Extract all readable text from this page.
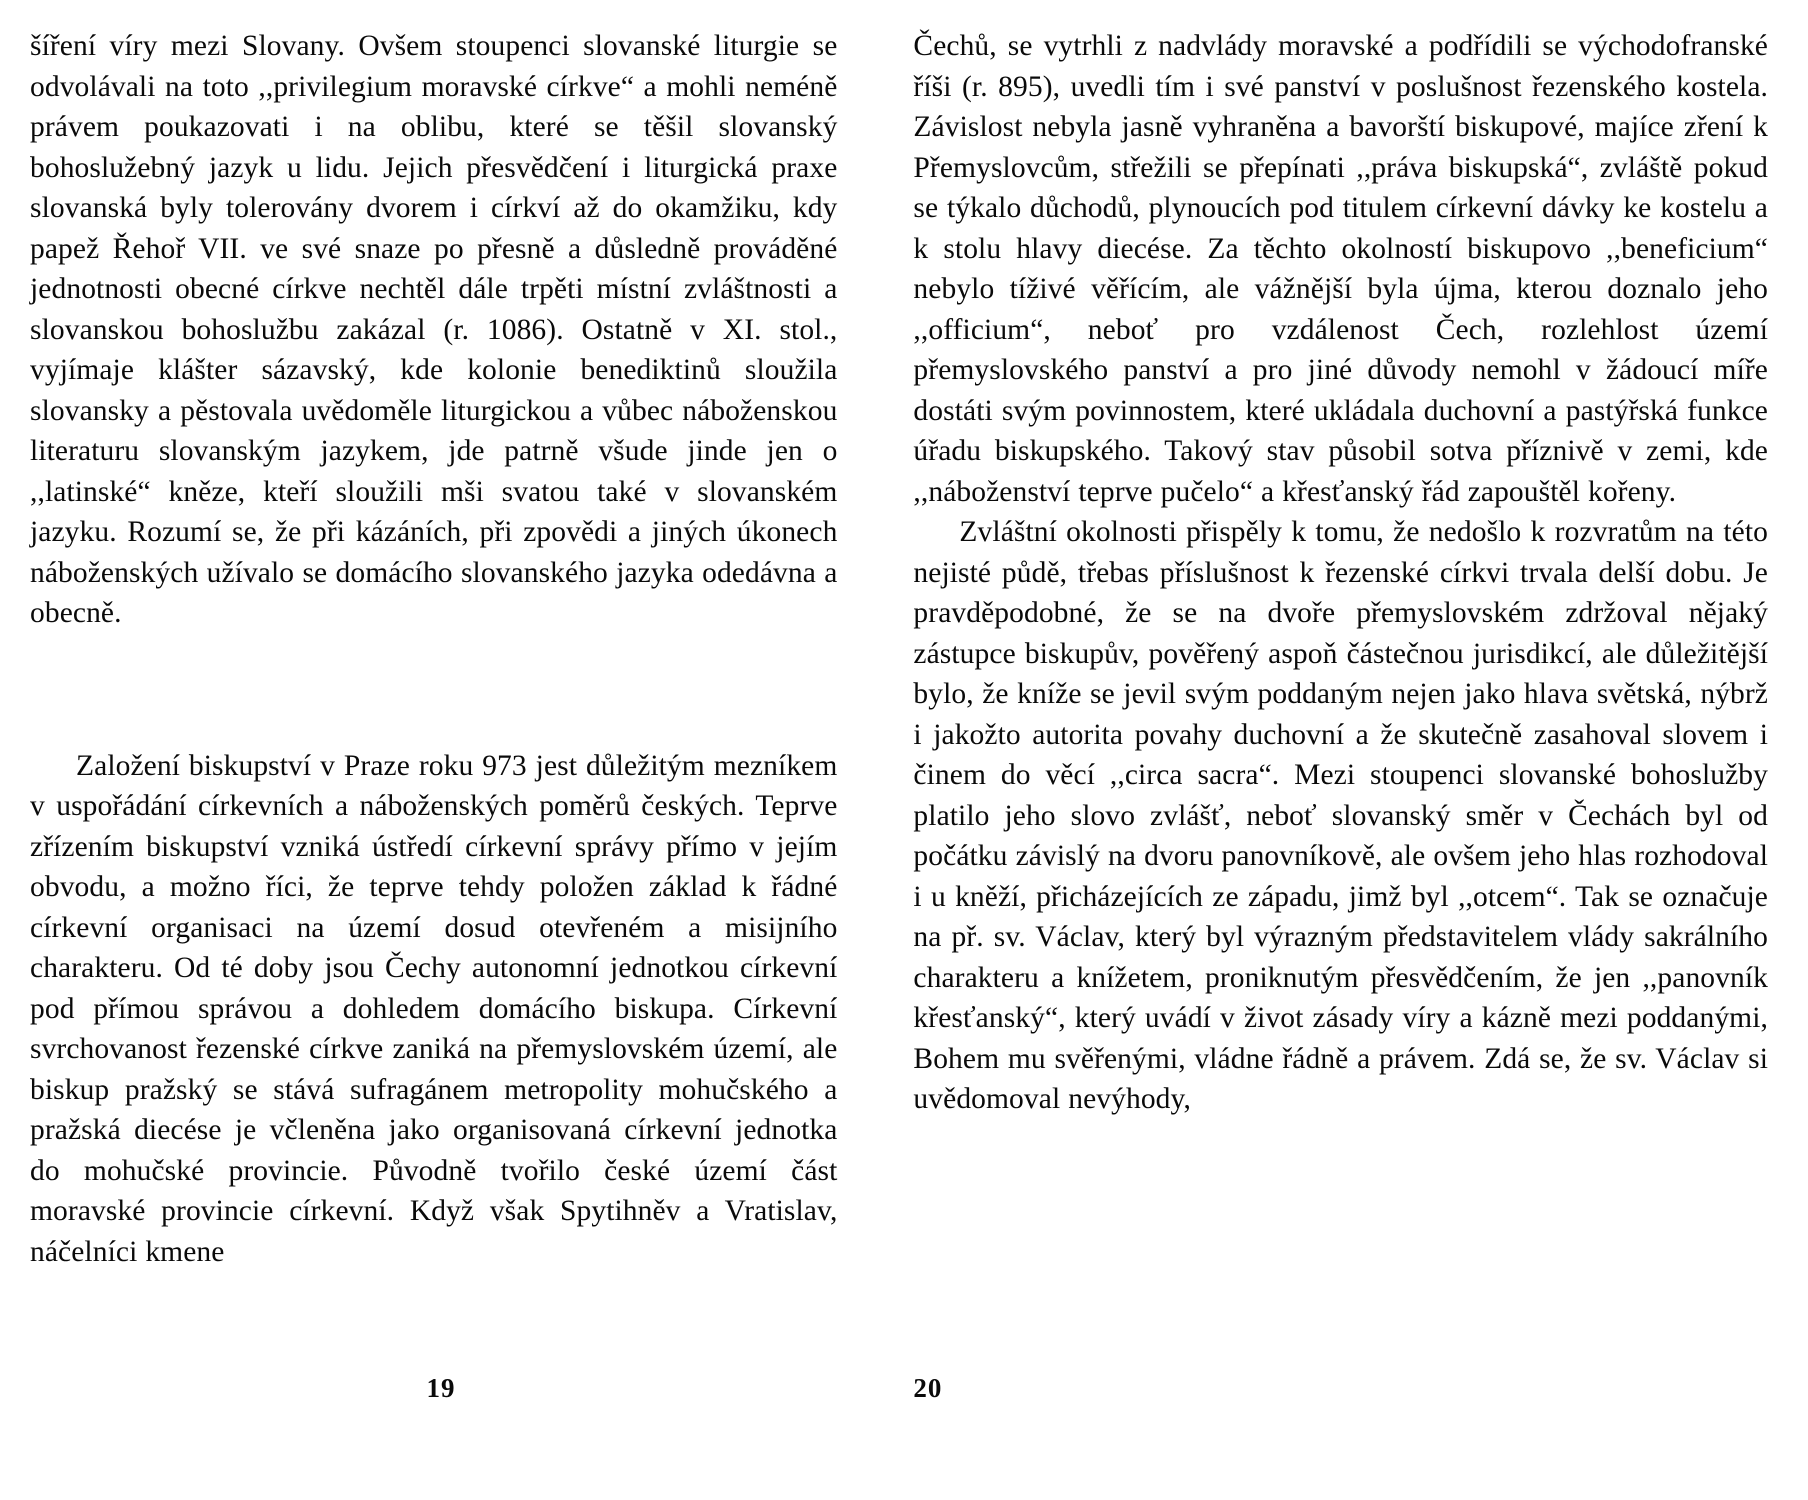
šíření víry mezi Slovany. Ovšem stoupenci slovanské liturgie se odvolávali na toto ,,privilegium moravské církve“ a mohli neméně právem poukazovati i na oblibu, které se těšil slovanský bohoslužebný jazyk u lidu. Jejich přesvědčení i liturgická praxe slovanská byly tolerovány dvorem i církví až do okamžiku, kdy papež Řehoř VII. ve své snaze po přesně a důsledně prováděné jednotnosti obecné církve nechtěl dále trpěti místní zvláštnosti a slovanskou bohoslužbu zakázal (r. 1086). Ostatně v XI. stol., vyjímaje klášter sázavský, kde kolonie benediktinů sloužila slovansky a pěstovala uvědoměle liturgickou a vůbec náboženskou literaturu slovanským jazykem, jde patrně všude jinde jen o ,,latinské“ kněze, kteří sloužili mši svatou také v slovanském jazyku. Rozumí se, že při kázáních, při zpovědi a jiných úkonech náboženských užívalo se domácího slovanského jazyka odedávna a obecně.

Založení biskupství v Praze roku 973 jest důležitým mezníkem v uspořádání církevních a náboženských poměrů českých. Teprve zřízením biskupství vzniká ústředí církevní správy přímo v jejím obvodu, a možno říci, že teprve tehdy položen základ k řádné církevní organisaci na území dosud otevřeném a misijního charakteru. Od té doby jsou Čechy autonomní jednotkou církevní pod přímou správou a dohledem domácího biskupa. Církevní svrchovanost řezenské církve zaniká na přemyslovském území, ale biskup pražský se stává sufragánem metropolity mohučského a pražská diecése je včleněna jako organisovaná církevní jednotka do mohučské provincie. Původně tvořilo české území část moravské provincie církevní. Když však Spytihněv a Vratislav, náčelníci kmene

19

Čechů, se vytrhli z nadvlády moravské a podřídili se východofranské říši (r. 895), uvedli tím i své panství v poslušnost řezenského kostela. Závislost nebyla jasně vyhraněna a bavorští biskupové, majíce zření k Přemyslovcům, střežili se přepínati ,,práva biskupská“, zvláště pokud se týkalo důchodů, plynoucích pod titulem církevní dávky ke kostelu a k stolu hlavy diecése. Za těchto okolností biskupovo ,,beneficium“ nebylo tíživé věřícím, ale vážnější byla újma, kterou doznalo jeho ,,officium“, neboť pro vzdálenost Čech, rozlehlost území přemyslovského panství a pro jiné důvody nemohl v žádoucí míře dostáti svým povinnostem, které ukládala duchovní a pastýřská funkce úřadu biskupského. Takový stav působil sotva příznivě v zemi, kde ,,náboženství teprve pučelo“ a křesťanský řád zapouštěl kořeny.

Zvláštní okolnosti přispěly k tomu, že nedošlo k rozvratům na této nejisté půdě, třebas příslušnost k řezenské církvi trvala delší dobu. Je pravděpodobné, že se na dvoře přemyslovském zdržoval nějaký zástupce biskupův, pověřený aspoň částečnou jurisdikcí, ale důležitější bylo, že kníže se jevil svým poddaným nejen jako hlava světská, nýbrž i jakožto autorita povahy duchovní a že skutečně zasahoval slovem i činem do věcí ,,circa sacra“. Mezi stoupenci slovanské bohoslužby platilo jeho slovo zvlášť, neboť slovanský směr v Čechách byl od počátku závislý na dvoru panovníkově, ale ovšem jeho hlas rozhodoval i u kněží, přicházejících ze západu, jimž byl ,,otcem“. Tak se označuje na př. sv. Václav, který byl výrazným představitelem vlády sakrálního charakteru a knížetem, proniknutým přesvědčením, že jen ,,panovník křesťanský“, který uvádí v život zásady víry a kázně mezi poddanými, Bohem mu svěřenými, vládne řádně a právem. Zdá se, že sv. Václav si uvědomoval nevýhody,

20
